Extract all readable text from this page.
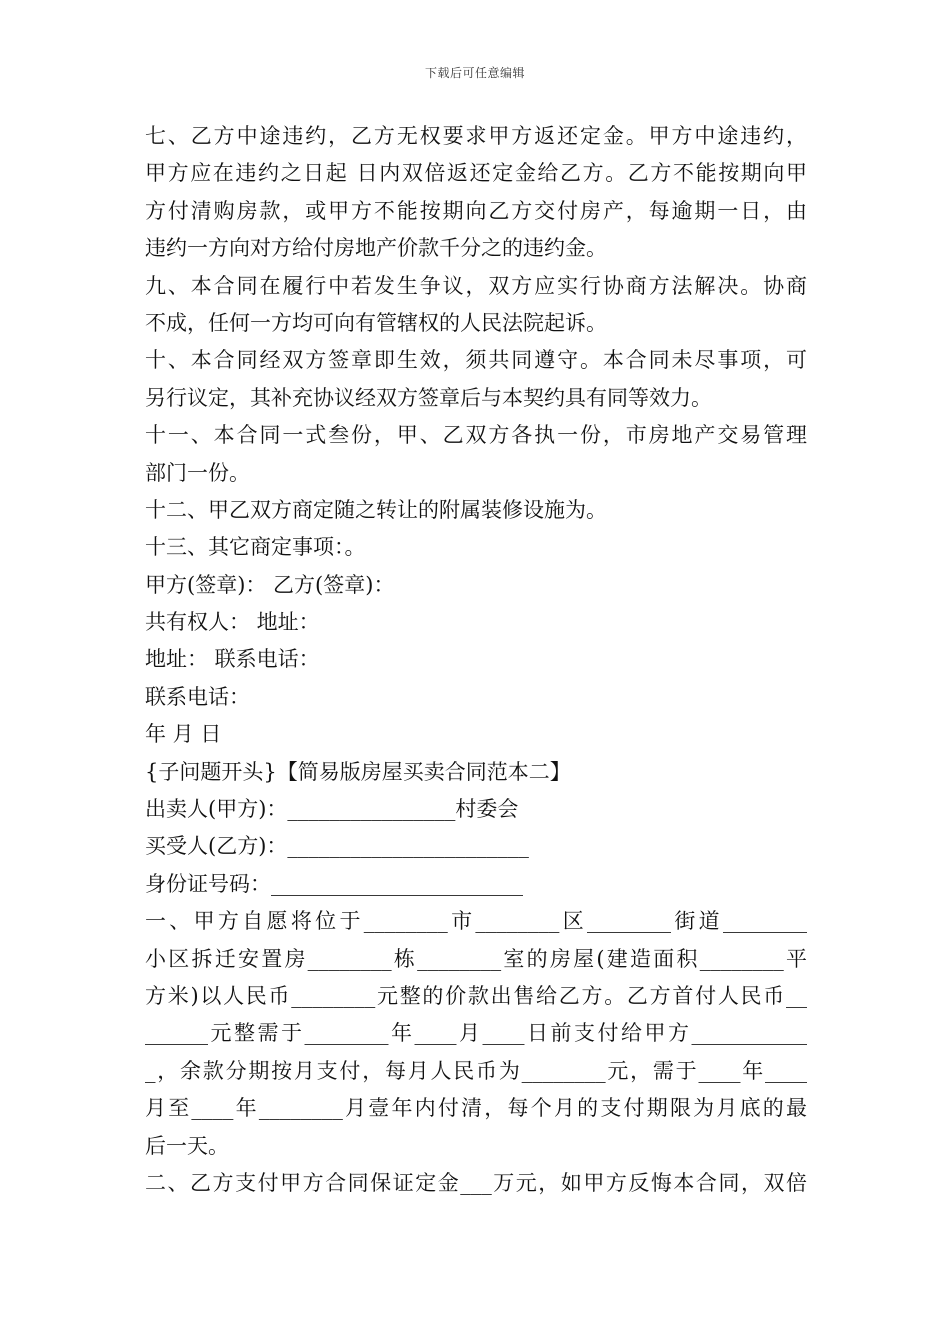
下载后可任意编辑
七、乙方中途违约，乙方无权要求甲方返还定金。甲方中途违约，
甲方应在违约之日起 日内双倍返还定金给乙方。乙方不能按期向甲
方付清购房款，或甲方不能按期向乙方交付房产，每逾期一日，由
违约一方向对方给付房地产价款千分之的违约金。
九、本合同在履行中若发生争议，双方应实行协商方法解决。协商
不成，任何一方均可向有管辖权的人民法院起诉。
十、本合同经双方签章即生效，须共同遵守。本合同未尽事项，可
另行议定，其补充协议经双方签章后与本契约具有同等效力。
十一、本合同一式叁份，甲、乙双方各执一份，市房地产交易管理
部门一份。
十二、甲乙双方商定随之转让的附属装修设施为。
十三、其它商定事项：。
甲方(签章)： 乙方(签章)：
共有权人： 地址：
地址： 联系电话：
联系电话：
年 月 日
{子问题开头}【简易版房屋买卖合同范本二】
出卖人(甲方)：________________村委会
买受人(乙方)：_______________________
身份证号码：________________________
一、甲方自愿将位于________市________区________街道________
小区拆迁安置房________栋________室的房屋(建造面积________平
方米)以人民币________元整的价款出售给乙方。乙方首付人民币__
______元整需于________年____月____日前支付给甲方___________
_，余款分期按月支付，每月人民币为________元，需于____年____
月至____年________月壹年内付清，每个月的支付期限为月底的最
后一天。
二、乙方支付甲方合同保证定金___万元，如甲方反悔本合同，双倍
